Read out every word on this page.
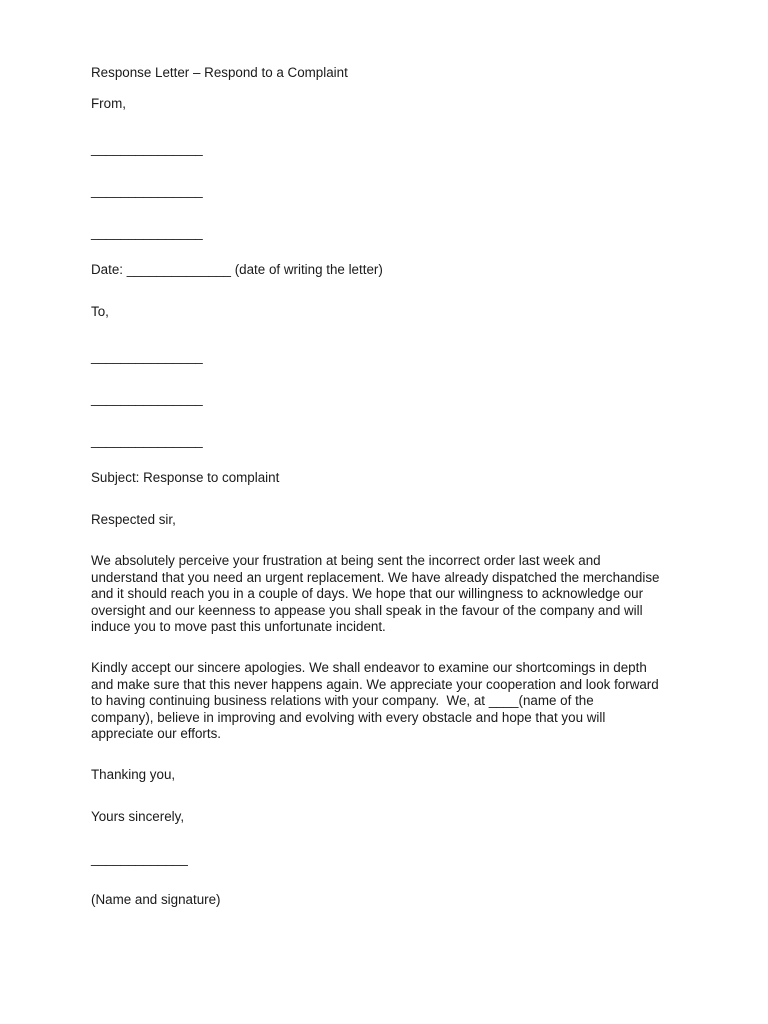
Response Letter – Respond to a Complaint
From,
_______________
_______________
_______________
Date: ______________ (date of writing the letter)
To,
_______________
_______________
_______________
Subject: Response to complaint
Respected sir,
We absolutely perceive your frustration at being sent the incorrect order last week and
understand that you need an urgent replacement. We have already dispatched the merchandise
and it should reach you in a couple of days. We hope that our willingness to acknowledge our
oversight and our keenness to appease you shall speak in the favour of the company and will
induce you to move past this unfortunate incident.
Kindly accept our sincere apologies. We shall endeavor to examine our shortcomings in depth
and make sure that this never happens again. We appreciate your cooperation and look forward
to having continuing business relations with your company.  We, at ____(name of the
company), believe in improving and evolving with every obstacle and hope that you will
appreciate our efforts.
Thanking you,
Yours sincerely,
_____________
(Name and signature)
